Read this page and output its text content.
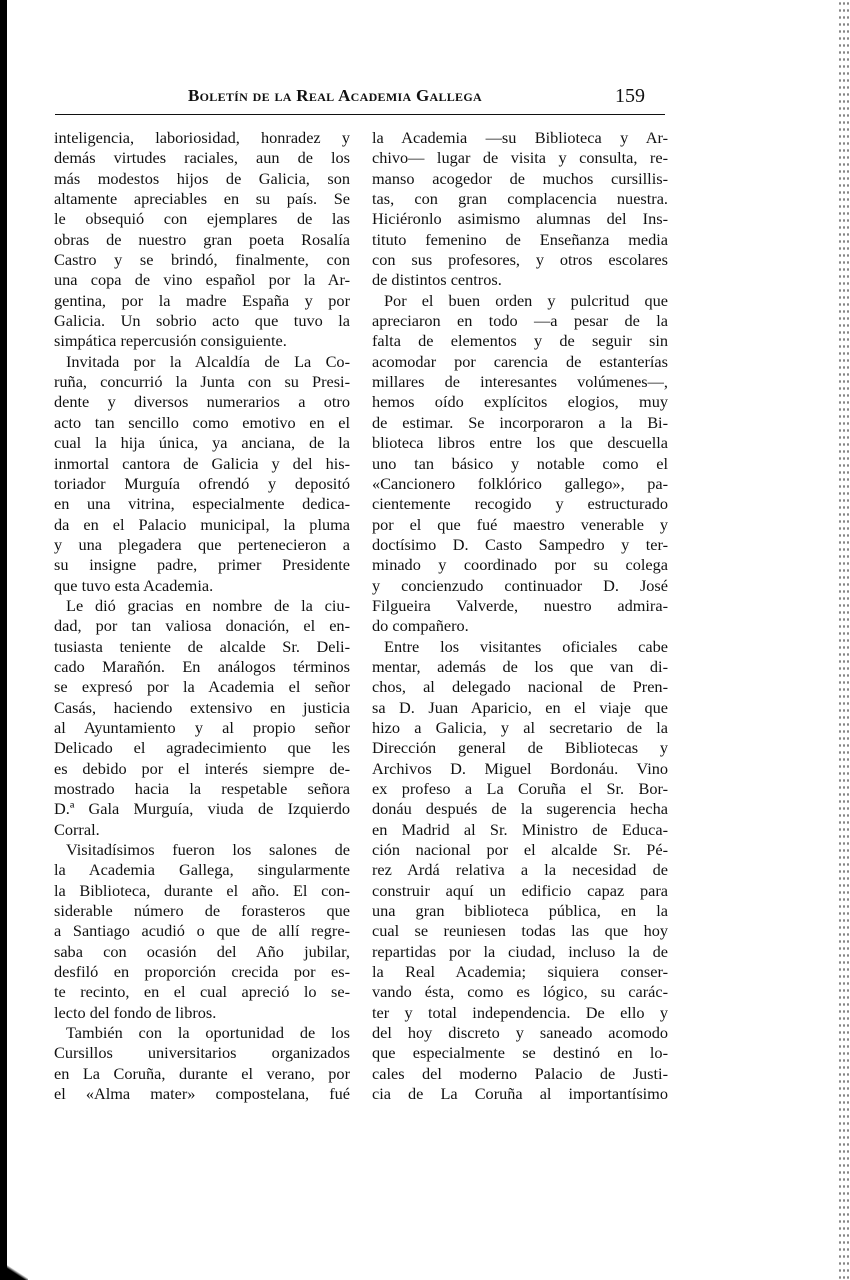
Boletín de la Real Academia Gallega	159
inteligencia, laboriosidad, honradez y
demás virtudes raciales, aun de los
más modestos hijos de Galicia, son
altamente apreciables en su país. Se
le obsequió con ejemplares de las
obras de nuestro gran poeta Rosalía
Castro y se brindó, finalmente, con
una copa de vino español por la Ar-
gentina, por la madre España y por
Galicia. Un sobrio acto que tuvo la
simpática repercusión consiguiente.
Invitada por la Alcaldía de La Co-
ruña, concurrió la Junta con su Presi-
dente y diversos numerarios a otro
acto tan sencillo como emotivo en el
cual la hija única, ya anciana, de la
inmortal cantora de Galicia y del his-
toriador Murguía ofrendó y depositó
en una vitrina, especialmente dedica-
da en el Palacio municipal, la pluma
y una plegadera que pertenecieron a
su insigne padre, primer Presidente
que tuvo esta Academia.
Le dió gracias en nombre de la ciu-
dad, por tan valiosa donación, el en-
tusiasta teniente de alcalde Sr. Deli-
cado Marañón. En análogos términos
se expresó por la Academia el señor
Casás, haciendo extensivo en justicia
al Ayuntamiento y al propio señor
Delicado el agradecimiento que les
es debido por el interés siempre de-
mostrado hacia la respetable señora
D.ª Gala Murguía, viuda de Izquierdo
Corral.
Visitadísimos fueron los salones de
la Academia Gallega, singularmente
la Biblioteca, durante el año. El con-
siderable número de forasteros que
a Santiago acudió o que de allí regre-
saba con ocasión del Año jubilar,
desfiló en proporción crecida por es-
te recinto, en el cual apreció lo se-
lecto del fondo de libros.
También con la oportunidad de los
Cursillos universitarios organizados
en La Coruña, durante el verano, por
el «Alma mater» compostelana, fué
la Academia —su Biblioteca y Ar-
chivo— lugar de visita y consulta, re-
manso acogedor de muchos cursillis-
tas, con gran complacencia nuestra.
Hiciéronlo asimismo alumnas del Ins-
tituto femenino de Enseñanza media
con sus profesores, y otros escolares
de distintos centros.
Por el buen orden y pulcritud que
apreciaron en todo —a pesar de la
falta de elementos y de seguir sin
acomodar por carencia de estanterías
millares de interesantes volúmenes—,
hemos oído explícitos elogios, muy
de estimar. Se incorporaron a la Bi-
blioteca libros entre los que descuella
uno tan básico y notable como el
«Cancionero folklórico gallego», pa-
cientemente recogido y estructurado
por el que fué maestro venerable y
doctísimo D. Casto Sampedro y ter-
minado y coordinado por su colega
y concienzudo continuador D. José
Filgueira Valverde, nuestro admira-
do compañero.
Entre los visitantes oficiales cabe
mentar, además de los que van di-
chos, al delegado nacional de Pren-
sa D. Juan Aparicio, en el viaje que
hizo a Galicia, y al secretario de la
Dirección general de Bibliotecas y
Archivos D. Miguel Bordonáu. Vino
ex profeso a La Coruña el Sr. Bor-
donáu después de la sugerencia hecha
en Madrid al Sr. Ministro de Educa-
ción nacional por el alcalde Sr. Pé-
rez Ardá relativa a la necesidad de
construir aquí un edificio capaz para
una gran biblioteca pública, en la
cual se reuniesen todas las que hoy
repartidas por la ciudad, incluso la de
la Real Academia; siquiera conser-
vando ésta, como es lógico, su carác-
ter y total independencia. De ello y
del hoy discreto y saneado acomodo
que especialmente se destinó en lo-
cales del moderno Palacio de Justi-
cia de La Coruña al importantísimo
